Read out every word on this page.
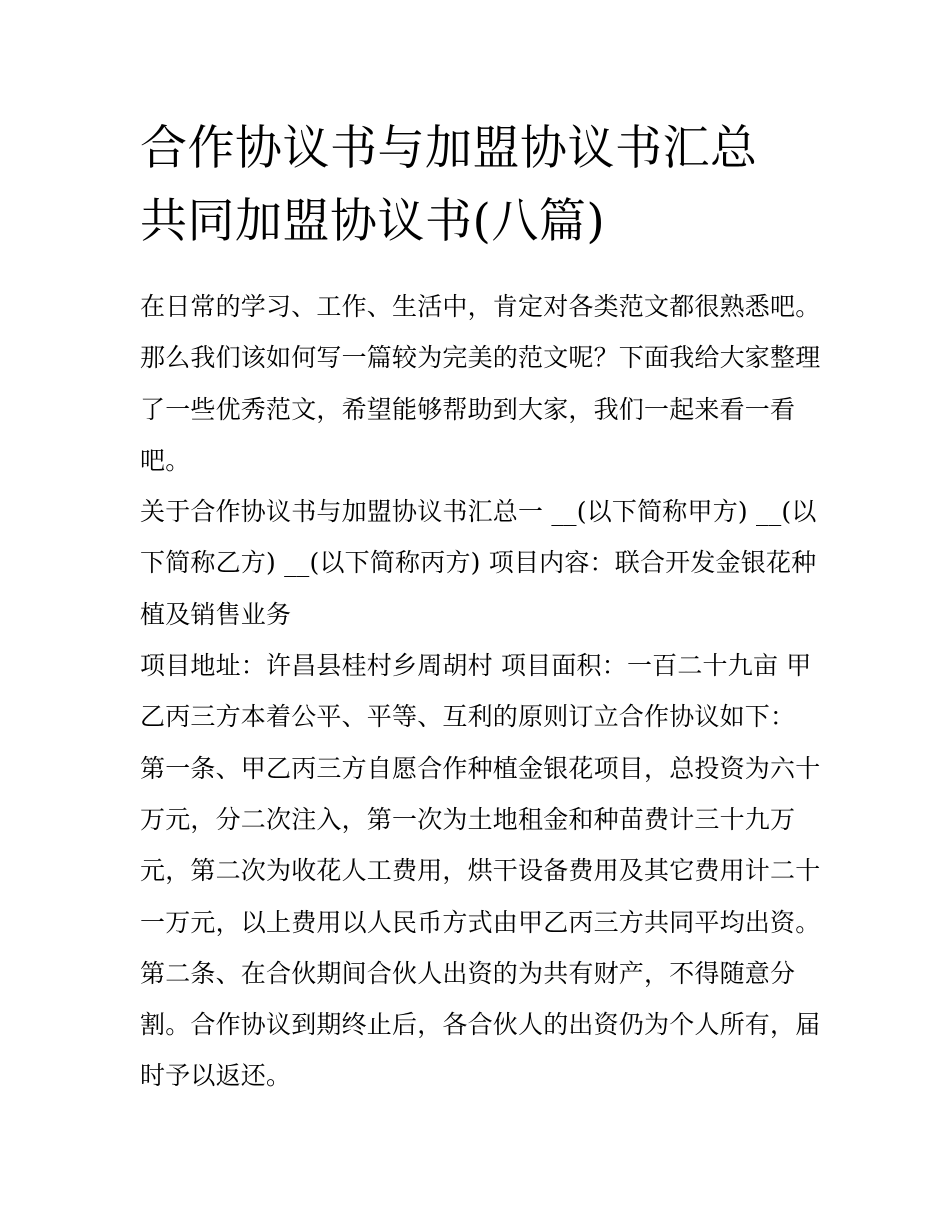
合作协议书与加盟协议书汇总
共同加盟协议书(八篇)
在日常的学习、工作、生活中，肯定对各类范文都很熟悉吧。
那么我们该如何写一篇较为完美的范文呢？下面我给大家整理
了一些优秀范文，希望能够帮助到大家，我们一起来看一看
吧。
关于合作协议书与加盟协议书汇总一 __(以下简称甲方) __(以
下简称乙方) __(以下简称丙方) 项目内容：联合开发金银花种
植及销售业务
项目地址：许昌县桂村乡周胡村 项目面积：一百二十九亩 甲
乙丙三方本着公平、平等、互利的原则订立合作协议如下：
第一条、甲乙丙三方自愿合作种植金银花项目，总投资为六十
万元，分二次注入，第一次为土地租金和种苗费计三十九万
元，第二次为收花人工费用，烘干设备费用及其它费用计二十
一万元，以上费用以人民币方式由甲乙丙三方共同平均出资。
第二条、在合伙期间合伙人出资的为共有财产，不得随意分
割。合作协议到期终止后，各合伙人的出资仍为个人所有，届
时予以返还。
